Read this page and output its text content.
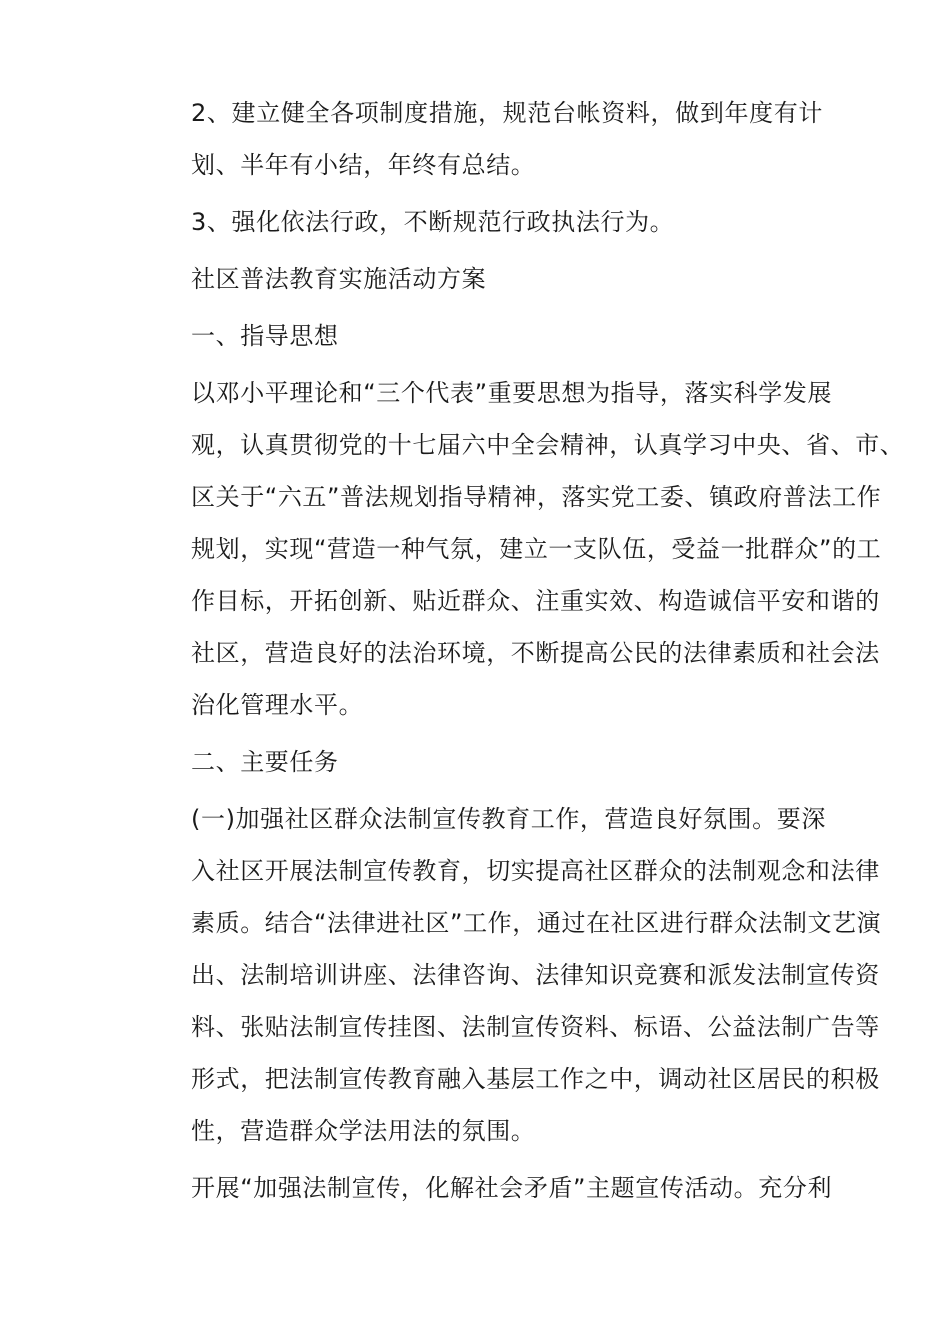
2、建立健全各项制度措施，规范台帐资料，做到年度有计
划、半年有小结，年终有总结。
3、强化依法行政，不断规范行政执法行为。
社区普法教育实施活动方案
一、指导思想
以邓小平理论和“三个代表”重要思想为指导，落实科学发展
观，认真贯彻党的十七届六中全会精神，认真学习中央、省、市、
区关于“六五”普法规划指导精神，落实党工委、镇政府普法工作
规划，实现“营造一种气氛，建立一支队伍，受益一批群众”的工
作目标，开拓创新、贴近群众、注重实效、构造诚信平安和谐的
社区，营造良好的法治环境，不断提高公民的法律素质和社会法
治化管理水平。
二、主要任务
(一)加强社区群众法制宣传教育工作，营造良好氛围。要深
入社区开展法制宣传教育，切实提高社区群众的法制观念和法律
素质。结合“法律进社区”工作，通过在社区进行群众法制文艺演
出、法制培训讲座、法律咨询、法律知识竞赛和派发法制宣传资
料、张贴法制宣传挂图、法制宣传资料、标语、公益法制广告等
形式，把法制宣传教育融入基层工作之中，调动社区居民的积极
性，营造群众学法用法的氛围。
开展“加强法制宣传，化解社会矛盾”主题宣传活动。充分利
